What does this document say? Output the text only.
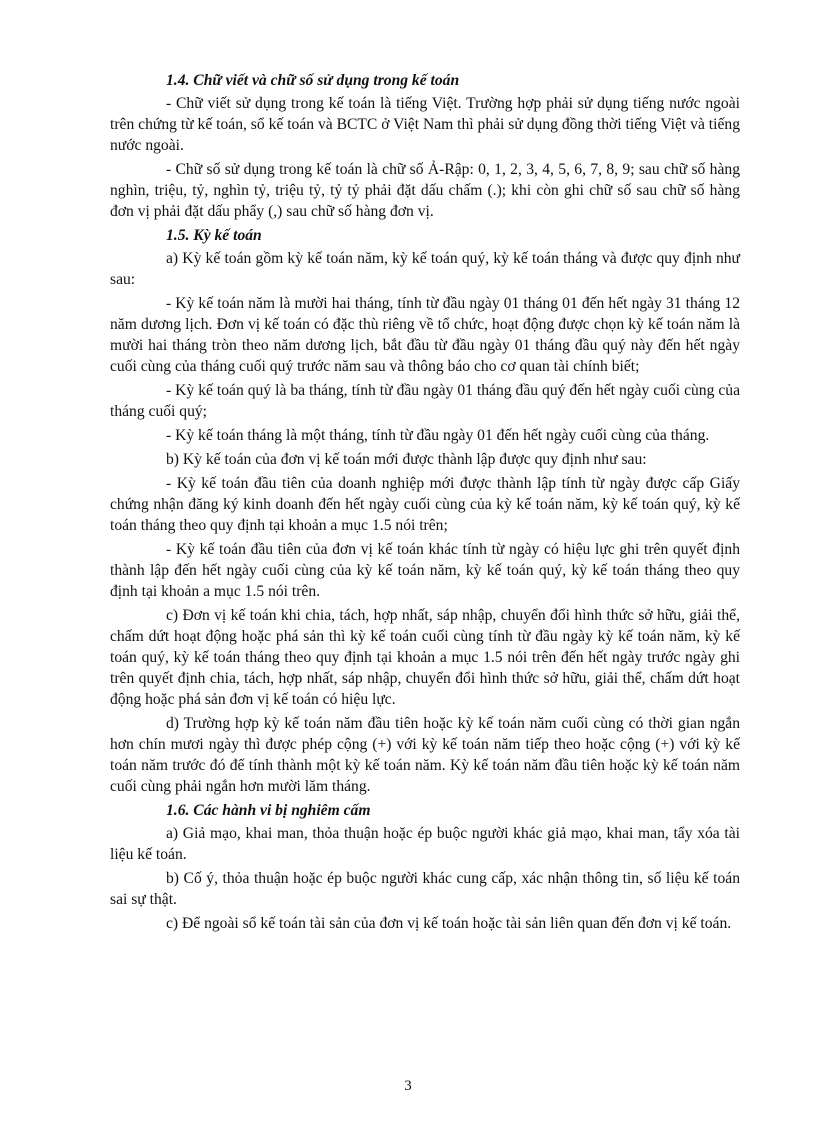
1.4. Chữ viết và chữ số sử dụng trong kế toán

- Chữ viết sử dụng trong kế toán là tiếng Việt. Trường hợp phải sử dụng tiếng nước ngoài trên chứng từ kế toán, sổ kế toán và BCTC ở Việt Nam thì phải sử dụng đồng thời tiếng Việt và tiếng nước ngoài.

- Chữ số sử dụng trong kế toán là chữ số Ả-Rập: 0, 1, 2, 3, 4, 5, 6, 7, 8, 9; sau chữ số hàng nghìn, triệu, tỷ, nghìn tỷ, triệu tỷ, tỷ tỷ phải đặt dấu chấm (.); khi còn ghi chữ số sau chữ số hàng đơn vị phải đặt dấu phẩy (,) sau chữ số hàng đơn vị.

1.5. Kỳ kế toán

a) Kỳ kế toán gồm kỳ kế toán năm, kỳ kế toán quý, kỳ kế toán tháng và được quy định như sau:

- Kỳ kế toán năm là mười hai tháng, tính từ đầu ngày 01 tháng 01 đến hết ngày 31 tháng 12 năm dương lịch. Đơn vị kế toán có đặc thù riêng về tổ chức, hoạt động được chọn kỳ kế toán năm là mười hai tháng tròn theo năm dương lịch, bắt đầu từ đầu ngày 01 tháng đầu quý này đến hết ngày cuối cùng của tháng cuối quý trước năm sau và thông báo cho cơ quan tài chính biết;

- Kỳ kế toán quý là ba tháng, tính từ đầu ngày 01 tháng đầu quý đến hết ngày cuối cùng của tháng cuối quý;

- Kỳ kế toán tháng là một tháng, tính từ đầu ngày 01 đến hết ngày cuối cùng của tháng.

b) Kỳ kế toán của đơn vị kế toán mới được thành lập được quy định như sau:

- Kỳ kế toán đầu tiên của doanh nghiệp mới được thành lập tính từ ngày được cấp Giấy chứng nhận đăng ký kinh doanh đến hết ngày cuối cùng của kỳ kế toán năm, kỳ kế toán quý, kỳ kế toán tháng theo quy định tại khoản a mục 1.5 nói trên;

- Kỳ kế toán đầu tiên của đơn vị kế toán khác tính từ ngày có hiệu lực ghi trên quyết định thành lập đến hết ngày cuối cùng của kỳ kế toán năm, kỳ kế toán quý, kỳ kế toán tháng theo quy định tại khoản a mục 1.5 nói trên.

c) Đơn vị kế toán khi chia, tách, hợp nhất, sáp nhập, chuyển đổi hình thức sở hữu, giải thể, chấm dứt hoạt động hoặc phá sản thì kỳ kế toán cuối cùng tính từ đầu ngày kỳ kế toán năm, kỳ kế toán quý, kỳ kế toán tháng theo quy định tại khoản a mục 1.5 nói trên đến hết ngày trước ngày ghi trên quyết định chia, tách, hợp nhất, sáp nhập, chuyển đổi hình thức sở hữu, giải thể, chấm dứt hoạt động hoặc phá sản đơn vị kế toán có hiệu lực.

d) Trường hợp kỳ kế toán năm đầu tiên hoặc kỳ kế toán năm cuối cùng có thời gian ngắn hơn chín mươi ngày thì được phép cộng (+) với kỳ kế toán năm tiếp theo hoặc cộng (+) với kỳ kế toán năm trước đó để tính thành một kỳ kế toán năm. Kỳ kế toán năm đầu tiên hoặc kỳ kế toán năm cuối cùng phải ngắn hơn mười lăm tháng.

1.6. Các hành vi bị nghiêm cấm

a) Giả mạo, khai man, thỏa thuận hoặc ép buộc người khác giả mạo, khai man, tẩy xóa tài liệu kế toán.

b) Cố ý, thỏa thuận hoặc ép buộc người khác cung cấp, xác nhận thông tin, số liệu kế toán sai sự thật.

c) Để ngoài sổ kế toán tài sản của đơn vị kế toán hoặc tài sản liên quan đến đơn vị kế toán.

3
